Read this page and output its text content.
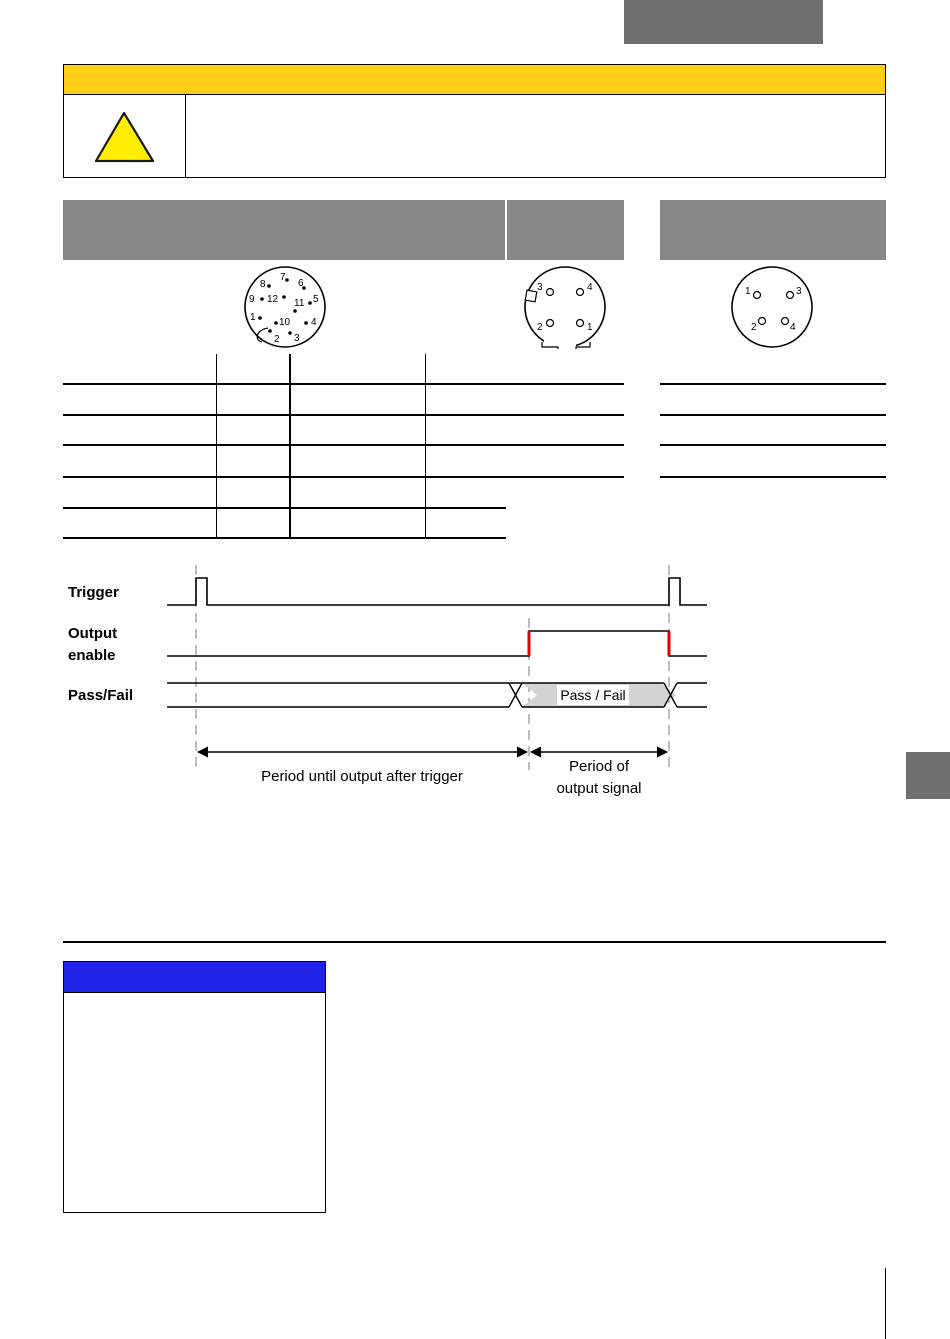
7
6
8
5
9 12 11
4
1 10
2 3
3	4
2	1
1	3
2	4
Trigger
Output
enable
Pass/Fail	Pass / Fail
Period until output after trigger
Period of
output signal
